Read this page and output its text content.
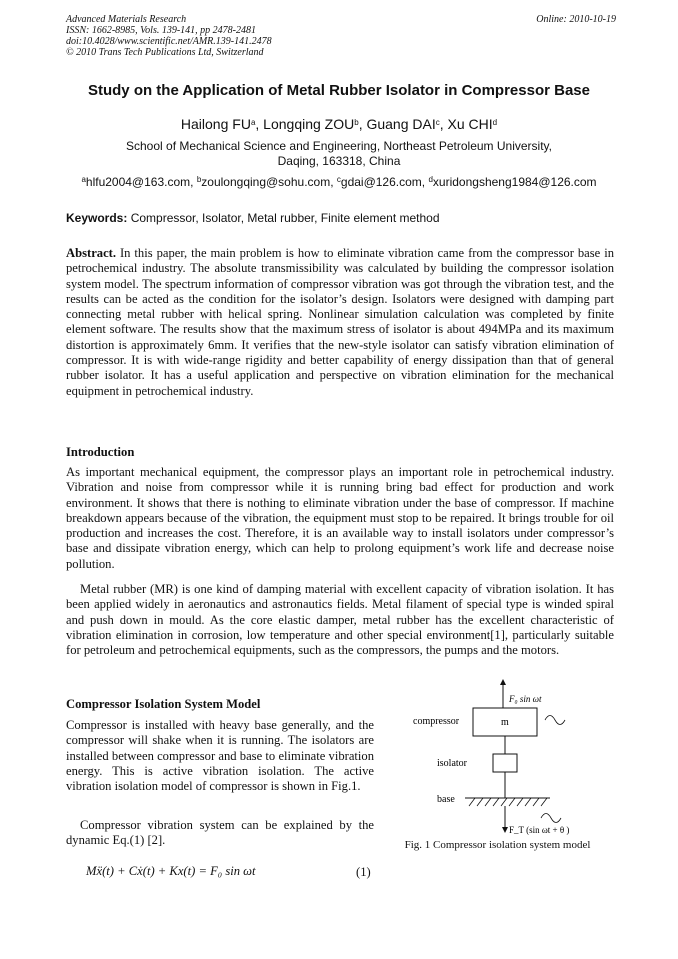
Advanced Materials Research
ISSN: 1662-8985, Vols. 139-141, pp 2478-2481
doi:10.4028/www.scientific.net/AMR.139-141.2478
© 2010 Trans Tech Publications Ltd, Switzerland
Online: 2010-10-19
Study on the Application of Metal Rubber Isolator in Compressor Base
Hailong $FU^a$, Longqing ZOU$^b$, Guang DAI$^c$, Xu CHI$^d$
School of Mechanical Science and Engineering, Northeast Petroleum University,
Daqing, 163318, China
$^a$hlfu2004@163.com, $^b$zoulongqing@sohu.com, $^c$gdai@126.com, $^d$xuridongsheng1984@126.com
Keywords: Compressor, Isolator, Metal rubber, Finite element method
Abstract. In this paper, the main problem is how to eliminate vibration came from the compressor base in petrochemical industry. The absolute transmissibility was calculated by building the compressor isolation system model. The spectrum information of compressor vibration was got through the vibration test, and the results can be acted as the condition for the isolator’s design. Isolators were designed with damping part connecting metal rubber with helical spring. Nonlinear simulation calculation was completed by finite element software. The results show that the maximum stress of isolator is about 494MPa and its maximum distortion is approximately 6mm. It verifies that the new-style isolator can satisfy vibration elimination of compressor. It is with wide-range rigidity and better capability of energy dissipation than that of general rubber isolator. It has a useful application and perspective on vibration elimination for the mechanical equipment in petrochemical industry.
Introduction
As important mechanical equipment, the compressor plays an important role in petrochemical industry. Vibration and noise from compressor while it is running bring bad effect for production and work environment. It shows that there is nothing to eliminate vibration under the base of compressor. If machine breakdown appears because of the vibration, the equipment must stop to be repaired. It brings trouble for oil production and increases the cost. Therefore, it is an available way to install isolators under compressor’s base and dissipate vibration energy, which can help to prolong equipment’s work life and decrease noise pollution.
Metal rubber (MR) is one kind of damping material with excellent capacity of vibration isolation. It has been applied widely in aeronautics and astronautics fields. Metal filament of special type is winded spiral and push down in mould. As the core elastic damper, metal rubber has the excellent characteristic of vibration elimination in corrosion, low temperature and other special environment[1], particularly suitable for petroleum and petrochemical equipments, such as the compressors, the pumps and the motors.
Compressor Isolation System Model
Compressor is installed with heavy base generally, and the compressor will shake when it is running. The isolators are installed between compressor and base to eliminate vibration energy. This is active vibration isolation. The active vibration isolation model of compressor is shown in Fig.1.
Compressor vibration system can be explained by the dynamic Eq.(1) [2].
Mẍ(t) + Cẋ(t) + Kx(t) = F₀ sin ωt	(1)
F₀ sin ωt
compressor	m
isolator
base
F_T (sin ωt + θ )
Fig. 1 Compressor isolation system model
